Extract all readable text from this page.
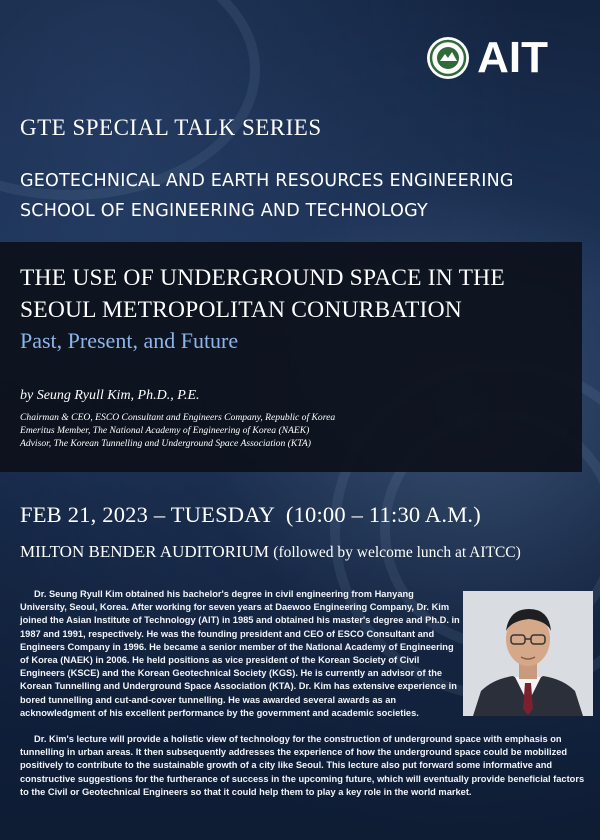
AIT
GTE SPECIAL TALK SERIES
GEOTECHNICAL AND EARTH RESOURCES ENGINEERING
SCHOOL OF ENGINEERING AND TECHNOLOGY
THE USE OF UNDERGROUND SPACE IN THE
SEOUL METROPOLITAN CONURBATION
Past, Present, and Future
by Seung Ryull Kim, Ph.D., P.E.
Chairman & CEO, ESCO Consultant and Engineers Company, Republic of Korea
Emeritus Member, The National Academy of Engineering of Korea (NAEK)
Advisor, The Korean Tunnelling and Underground Space Association (KTA)
FEB 21, 2023 – TUESDAY  (10:00 – 11:30 A.M.)
MILTON BENDER AUDITORIUM (followed by welcome lunch at AITCC)
Dr. Seung Ryull Kim obtained his bachelor's degree in civil engineering from Hanyang University, Seoul, Korea. After working for seven years at Daewoo Engineering Company, Dr. Kim joined the Asian Institute of Technology (AIT) in 1985 and obtained his master's degree and Ph.D. in 1987 and 1991, respectively. He was the founding president and CEO of ESCO Consultant and Engineers Company in 1996. He became a senior member of the National Academy of Engineering of Korea (NAEK) in 2006. He held positions as vice president of the Korean Society of Civil Engineers (KSCE) and the Korean Geotechnical Society (KGS). He is currently an advisor of the Korean Tunnelling and Underground Space Association (KTA). Dr. Kim has extensive experience in bored tunnelling and cut-and-cover tunnelling. He was awarded several awards as an acknowledgment of his excellent performance by the government and academic societies.
Dr. Kim's lecture will provide a holistic view of technology for the construction of underground space with emphasis on tunnelling in urban areas. It then subsequently addresses the experience of how the underground space could be mobilized positively to contribute to the sustainable growth of a city like Seoul. This lecture also put forward some informative and constructive suggestions for the furtherance of success in the upcoming future, which will eventually provide beneficial factors to the Civil or Geotechnical Engineers so that it could help them to play a key role in the world market.
